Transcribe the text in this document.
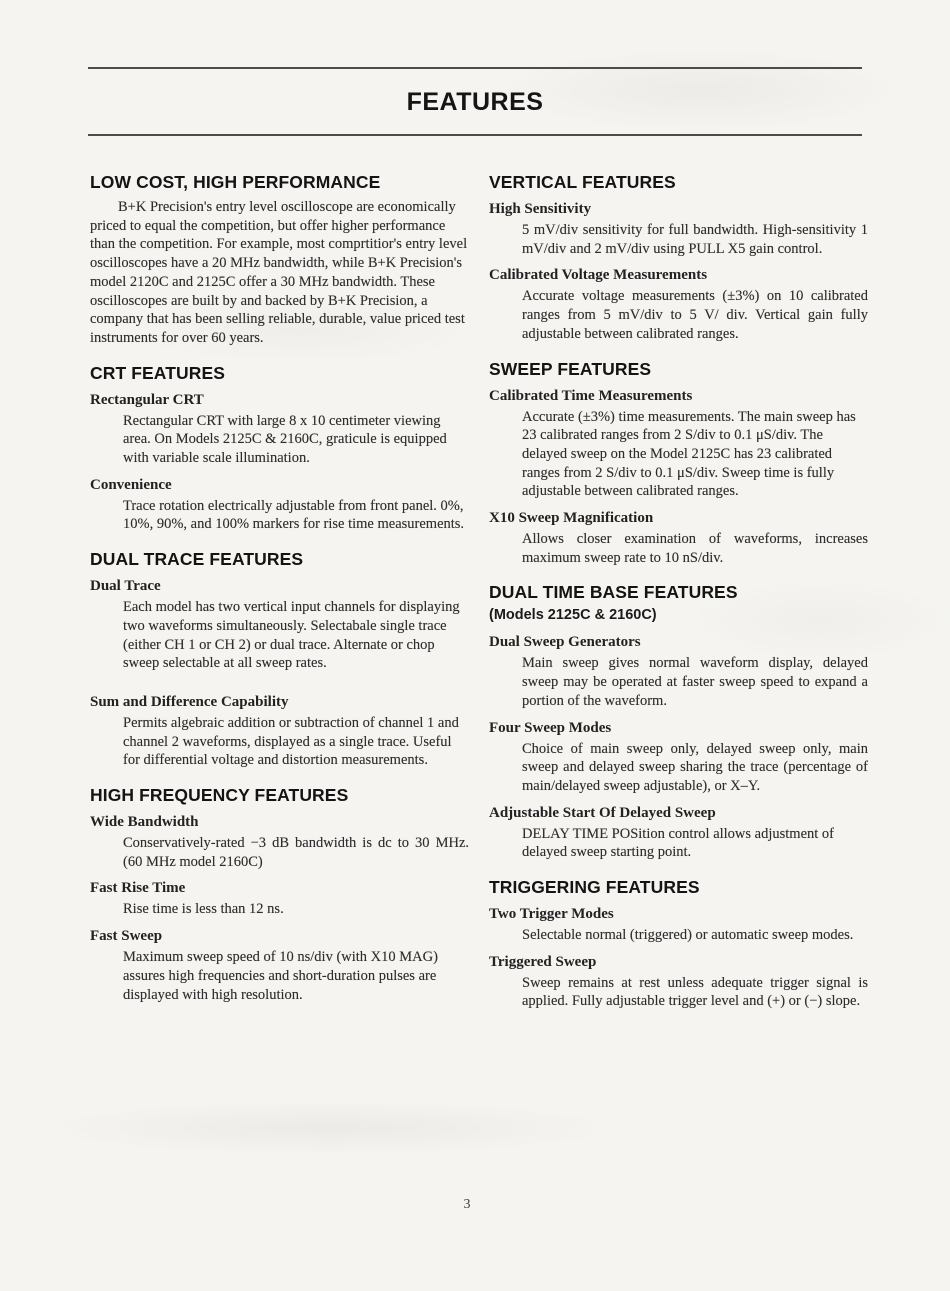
FEATURES
LOW COST, HIGH PERFORMANCE

B+K Precision's entry level oscilloscope are economically priced to equal the competition, but offer higher performance than the competition. For example, most comprtitior's entry level oscilloscopes have a 20 MHz bandwidth, while B+K Precision's model 2120C and 2125C offer a 30 MHz bandwidth. These oscilloscopes are built by and backed by B+K Precision, a company that has been selling reliable, durable, value priced test instruments for over 60 years.

CRT FEATURES
Rectangular CRT

Rectangular CRT with large 8 x 10 centimeter viewing area. On Models 2125C & 2160C, graticule is equipped with variable scale illumination.

Convenience

Trace rotation electrically adjustable from front panel. 0%, 10%, 90%, and 100% markers for rise time measurements.

DUAL TRACE FEATURES
Dual Trace

Each model has two vertical input channels for displaying two waveforms simultaneously. Selectabale single trace (either CH 1 or CH 2) or dual trace. Alternate or chop sweep selectable at all sweep rates.

Sum and Difference Capability

Permits algebraic addition or subtraction of channel 1 and channel 2 waveforms, displayed as a single trace. Useful for differential voltage and distortion measurements.

HIGH FREQUENCY FEATURES
Wide Bandwidth

Conservatively-rated −3 dB bandwidth is dc to 30 MHz. (60 MHz model 2160C)

Fast Rise Time

Rise time is less than 12 ns.

Fast Sweep

Maximum sweep speed of 10 ns/div (with X10 MAG) assures high frequencies and short-duration pulses are displayed with high resolution.

VERTICAL FEATURES
High Sensitivity

5 mV/div sensitivity for full bandwidth. High-sensitivity 1 mV/div and 2 mV/div using PULL X5 gain control.

Calibrated Voltage Measurements

Accurate voltage measurements (±3%) on 10 calibrated ranges from 5 mV/div to 5 V/ div. Vertical gain fully adjustable between calibrated ranges.

SWEEP FEATURES
Calibrated Time Measurements

Accurate (±3%) time measurements. The main sweep has 23 calibrated ranges from 2 S/div to 0.1 μS/div. The delayed sweep on the Model 2125C has 23 calibrated ranges from 2 S/div to 0.1 μS/div. Sweep time is fully adjustable between calibrated ranges.

X10 Sweep Magnification

Allows closer examination of waveforms, increases maximum sweep rate to 10 nS/div.

DUAL TIME BASE FEATURES
(Models 2125C & 2160C)
Dual Sweep Generators

Main sweep gives normal waveform display, delayed sweep may be operated at faster sweep speed to expand a portion of the waveform.

Four Sweep Modes

Choice of main sweep only, delayed sweep only, main sweep and delayed sweep sharing the trace (percentage of main/delayed sweep adjustable), or X–Y.

Adjustable Start Of Delayed Sweep

DELAY TIME POSition control allows adjustment of delayed sweep starting point.

TRIGGERING FEATURES
Two Trigger Modes

Selectable normal (triggered) or automatic sweep modes.

Triggered Sweep

Sweep remains at rest unless adequate trigger signal is applied. Fully adjustable trigger level and (+) or (−) slope.

3
